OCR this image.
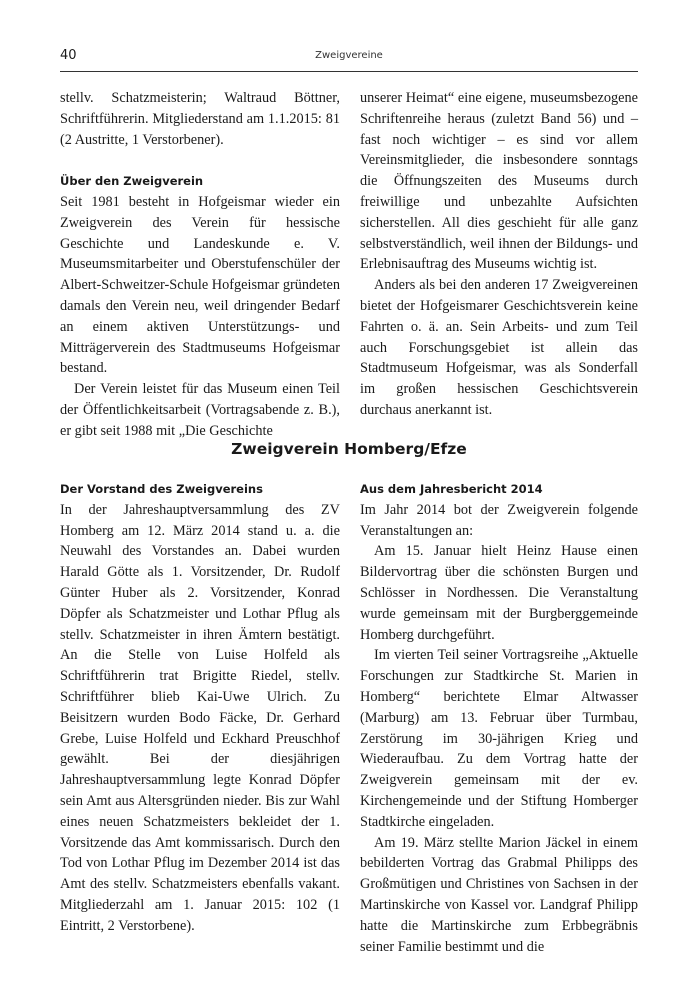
40	Zweigvereine

stellv. Schatzmeisterin; Waltraud Böttner, Schriftführerin. Mitgliederstand am 1.1.2015: 81 (2 Austritte, 1 Verstorbener).

Über den Zweigverein

Seit 1981 besteht in Hofgeismar wieder ein Zweigverein des Verein für hessische Geschichte und Landeskunde e. V. Museumsmitarbeiter und Oberstufenschüler der Albert-Schweitzer-Schule Hofgeismar gründeten damals den Verein neu, weil dringender Bedarf an einem aktiven Unterstützungs- und Mitträgerverein des Stadtmuseums Hofgeismar bestand.

Der Verein leistet für das Museum einen Teil der Öffentlichkeitsarbeit (Vortragsabende z. B.), er gibt seit 1988 mit „Die Geschichte

unserer Heimat“ eine eigene, museumsbezogene Schriftenreihe heraus (zuletzt Band 56) und – fast noch wichtiger – es sind vor allem Vereinsmitglieder, die insbesondere sonntags die Öffnungszeiten des Museums durch freiwillige und unbezahlte Aufsichten sicherstellen. All dies geschieht für alle ganz selbstverständlich, weil ihnen der Bildungs- und Erlebnisauftrag des Museums wichtig ist.

Anders als bei den anderen 17 Zweigvereinen bietet der Hofgeismarer Geschichtsverein keine Fahrten o. ä. an. Sein Arbeits- und zum Teil auch Forschungsgebiet ist allein das Stadtmuseum Hofgeismar, was als Sonderfall im großen hessischen Geschichtsverein durchaus anerkannt ist.

Zweigverein Homberg/Efze

Der Vorstand des Zweigvereins

In der Jahreshauptversammlung des ZV Homberg am 12. März 2014 stand u. a. die Neuwahl des Vorstandes an. Dabei wurden Harald Götte als 1. Vorsitzender, Dr. Rudolf Günter Huber als 2. Vorsitzender, Konrad Döpfer als Schatzmeister und Lothar Pflug als stellv. Schatzmeister in ihren Ämtern bestätigt. An die Stelle von Luise Holfeld als Schriftführerin trat Brigitte Riedel, stellv. Schriftführer blieb Kai-Uwe Ulrich. Zu Beisitzern wurden Bodo Fäcke, Dr. Gerhard Grebe, Luise Holfeld und Eckhard Preuschhof gewählt. Bei der diesjährigen Jahreshauptversammlung legte Konrad Döpfer sein Amt aus Altersgründen nieder. Bis zur Wahl eines neuen Schatzmeisters bekleidet der 1. Vorsitzende das Amt kommissarisch. Durch den Tod von Lothar Pflug im Dezember 2014 ist das Amt des stellv. Schatzmeisters ebenfalls vakant. Mitgliederzahl am 1. Januar 2015: 102 (1 Eintritt, 2 Verstorbene).

Aus dem Jahresbericht 2014

Im Jahr 2014 bot der Zweigverein folgende Veranstaltungen an:

Am 15. Januar hielt Heinz Hause einen Bildervortrag über die schönsten Burgen und Schlösser in Nordhessen. Die Veranstaltung wurde gemeinsam mit der Burgberggemeinde Homberg durchgeführt.

Im vierten Teil seiner Vortragsreihe „Aktuelle Forschungen zur Stadtkirche St. Marien in Homberg“ berichtete Elmar Altwasser (Marburg) am 13. Februar über Turmbau, Zerstörung im 30-jährigen Krieg und Wiederaufbau. Zu dem Vortrag hatte der Zweigverein gemeinsam mit der ev. Kirchengemeinde und der Stiftung Homberger Stadtkirche eingeladen.

Am 19. März stellte Marion Jäckel in einem bebilderten Vortrag das Grabmal Philipps des Großmütigen und Christines von Sachsen in der Martinskirche von Kassel vor. Landgraf Philipp hatte die Martinskirche zum Erbbegräbnis seiner Familie bestimmt und die
